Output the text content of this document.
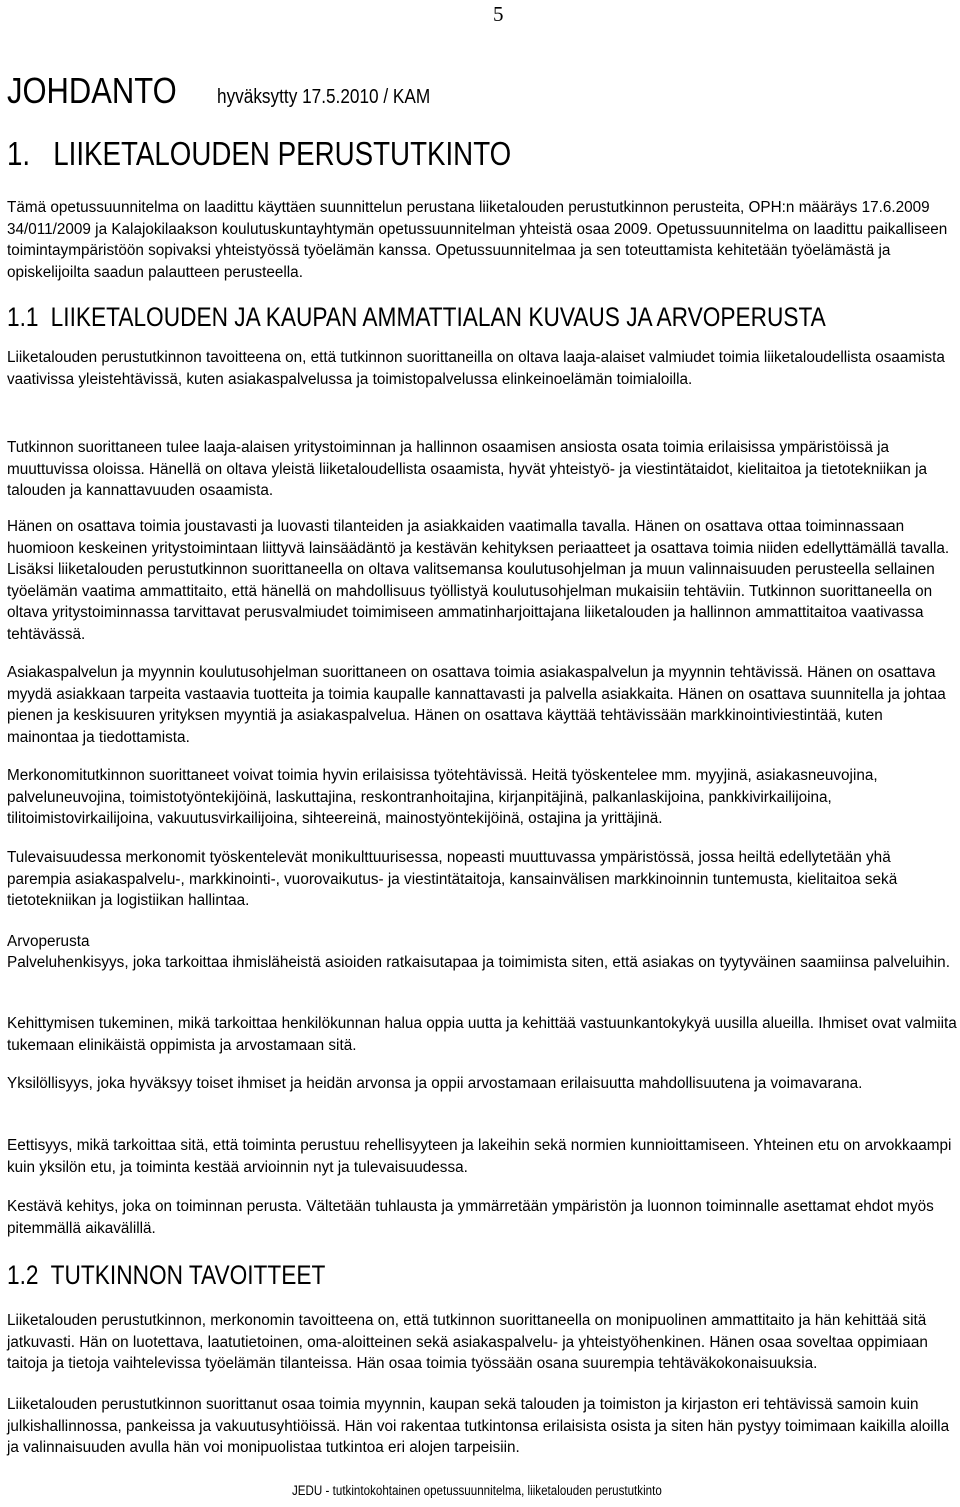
5
JOHDANTO hyväksytty 17.5.2010 / KAM
1.   LIIKETALOUDEN PERUSTUTKINTO

Tämä opetussuunnitelma on laadittu käyttäen suunnittelun perustana liiketalouden perustutkinnon perusteita, OPH:n määräys 17.6.2009 34/011/2009 ja Kalajokilaakson koulutuskuntayhtymän opetussuunnitelman yhteistä osaa 2009. Opetussuunnitelma on laadittu paikalliseen toimintaympäristöön sopivaksi yhteistyössä työelämän kanssa. Opetussuunnitelmaa ja sen toteuttamista kehitetään työelämästä ja opiskelijoilta saadun palautteen perusteella.

1.1 LIIKETALOUDEN JA KAUPAN AMMATTIALAN KUVAUS JA ARVOPERUSTA

Liiketalouden perustutkinnon tavoitteena on, että tutkinnon suorittaneilla on oltava laaja-alaiset valmiudet toimia liiketaloudellista osaamista vaativissa yleistehtävissä, kuten asiakaspalvelussa ja toimistopalvelussa elinkeinoelämän toimialoilla.

Tutkinnon suorittaneen tulee laaja-alaisen yritystoiminnan ja hallinnon osaamisen ansiosta osata toimia erilaisissa ympäristöissä ja muuttuvissa oloissa. Hänellä on oltava yleistä liiketaloudellista osaamista, hyvät yhteistyö- ja viestintätaidot, kielitaitoa ja tietotekniikan ja talouden ja kannattavuuden osaamista.

Hänen on osattava toimia joustavasti ja luovasti tilanteiden ja asiakkaiden vaatimalla tavalla. Hänen on osattava ottaa toiminnassaan huomioon keskeinen yritystoimintaan liittyvä lainsäädäntö ja kestävän kehityksen periaatteet ja osattava toimia niiden edellyttämällä tavalla. Lisäksi liiketalouden perustutkinnon suorittaneella on oltava valitsemansa koulutusohjelman ja muun valinnaisuuden perusteella sellainen työelämän vaatima ammattitaito, että hänellä on mahdollisuus työllistyä koulutusohjelman mukaisiin tehtäviin. Tutkinnon suorittaneella on oltava yritystoiminnassa tarvittavat perusvalmiudet toimimiseen ammatinharjoittajana liiketalouden ja hallinnon ammattitaitoa vaativassa tehtävässä.

Asiakaspalvelun ja myynnin koulutusohjelman suorittaneen on osattava toimia asiakaspalvelun ja myynnin tehtävissä. Hänen on osattava myydä asiakkaan tarpeita vastaavia tuotteita ja toimia kaupalle kannattavasti ja palvella asiakkaita. Hänen on osattava suunnitella ja johtaa pienen ja keskisuuren yrityksen myyntiä ja asiakaspalvelua. Hänen on osattava käyttää tehtävissään markkinointiviestintää, kuten mainontaa ja tiedottamista.

Merkonomitutkinnon suorittaneet voivat toimia hyvin erilaisissa työtehtävissä. Heitä työskentelee mm. myyjinä, asiakasneuvojina, palveluneuvojina, toimistotyöntekijöinä, laskuttajina, reskontranhoitajina, kirjanpitäjinä, palkanlaskijoina, pankkivirkailijoina, tilitoimistovirkailijoina, vakuutusvirkailijoina, sihteereinä, mainostyöntekijöinä, ostajina ja yrittäjinä.

Tulevaisuudessa merkonomit työskentelevät monikulttuurisessa, nopeasti muuttuvassa ympäristössä, jossa heiltä edellytetään yhä parempia asiakaspalvelu-, markkinointi-, vuorovaikutus- ja viestintätaitoja, kansainvälisen markkinoinnin tuntemusta, kielitaitoa sekä tietotekniikan ja logistiikan hallintaa.

Arvoperusta

Palveluhenkisyys, joka tarkoittaa ihmisläheistä asioiden ratkaisutapaa ja toimimista siten, että asiakas on tyytyväinen saamiinsa palveluihin.

Kehittymisen tukeminen, mikä tarkoittaa henkilökunnan halua oppia uutta ja kehittää vastuunkantokykyä uusilla alueilla. Ihmiset ovat valmiita tukemaan elinikäistä oppimista ja arvostamaan sitä.

Yksilöllisyys, joka hyväksyy toiset ihmiset ja heidän arvonsa ja oppii arvostamaan erilaisuutta mahdollisuutena ja voimavarana.

Eettisyys, mikä tarkoittaa sitä, että toiminta perustuu rehellisyyteen ja lakeihin sekä normien kunnioittamiseen. Yhteinen etu on arvokkaampi kuin yksilön etu, ja toiminta kestää arvioinnin nyt ja tulevaisuudessa.

Kestävä kehitys, joka on toiminnan perusta. Vältetään tuhlausta ja ymmärretään ympäristön ja luonnon toiminnalle asettamat ehdot myös pitemmällä aikavälillä.

1.2 TUTKINNON TAVOITTEET

Liiketalouden perustutkinnon, merkonomin tavoitteena on, että tutkinnon suorittaneella on monipuolinen ammattitaito ja hän kehittää sitä jatkuvasti. Hän on luotettava, laatutietoinen, oma-aloitteinen sekä asiakaspalvelu- ja yhteistyöhenkinen. Hänen osaa soveltaa oppimiaan taitoja ja tietoja vaihtelevissa työelämän tilanteissa. Hän osaa toimia työssään osana suurempia tehtäväkokonaisuuksia.

Liiketalouden perustutkinnon suorittanut osaa toimia myynnin, kaupan sekä talouden ja toimiston ja kirjaston eri tehtävissä samoin kuin julkishallinnossa, pankeissa ja vakuutusyhtiöissä. Hän voi rakentaa tutkintonsa erilaisista osista ja siten hän pystyy toimimaan kaikilla aloilla ja valinnaisuuden avulla hän voi monipuolistaa tutkintoa eri alojen tarpeisiin.

JEDU - tutkintokohtainen opetussuunnitelma, liiketalouden perustutkinto
